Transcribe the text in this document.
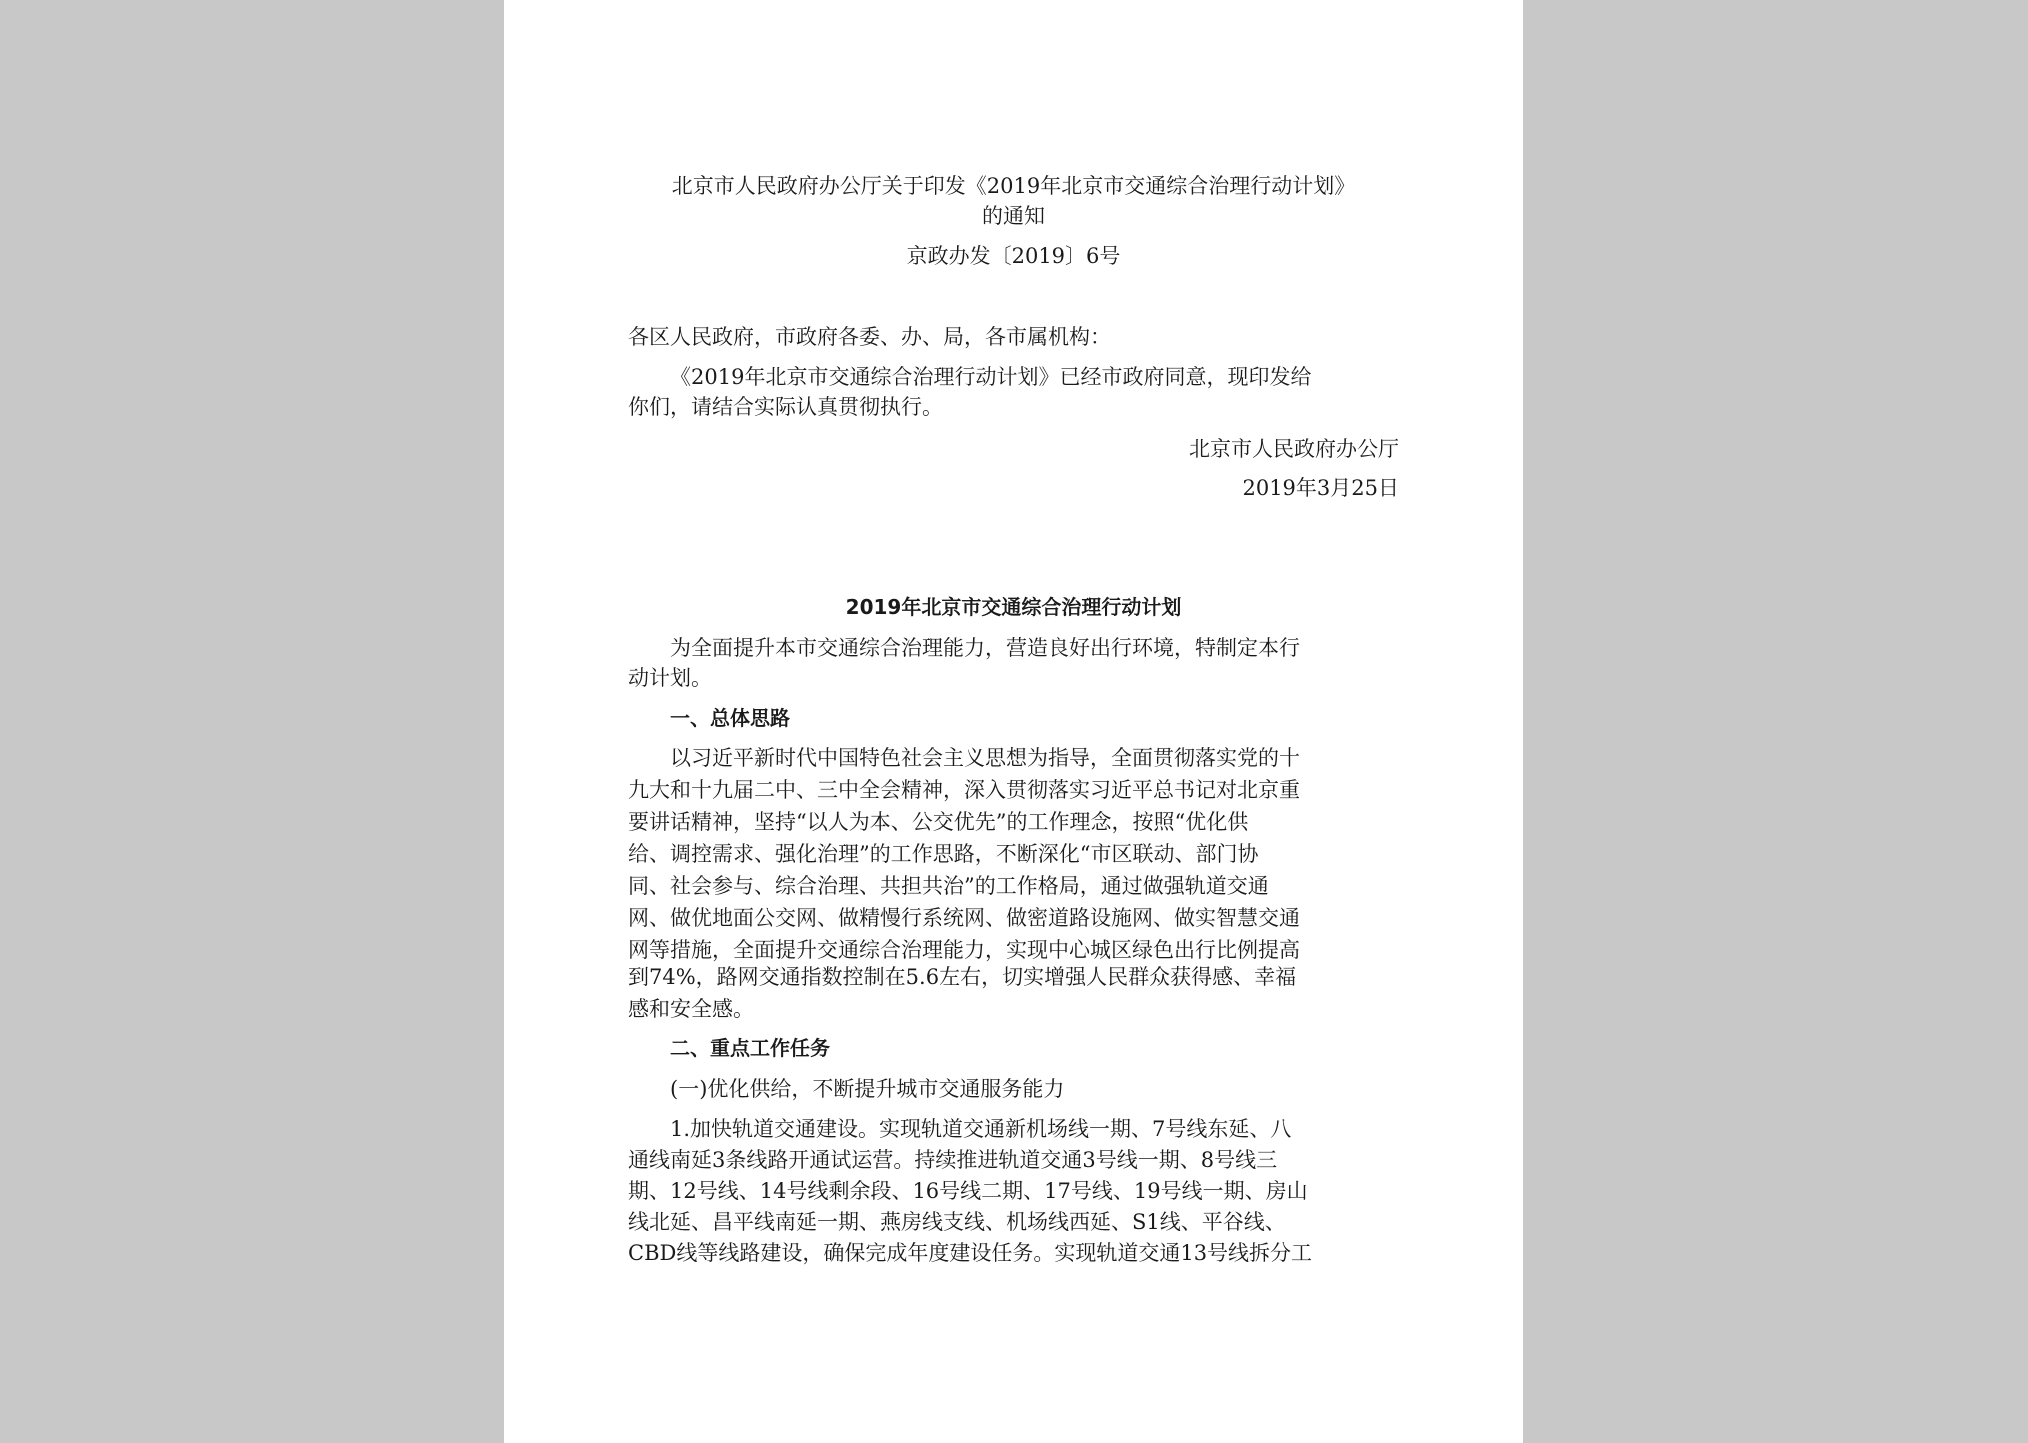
北京市人民政府办公厅关于印发《2019年北京市交通综合治理行动计划》
的通知
京政办发〔2019〕6号
各区人民政府，市政府各委、办、局，各市属机构：
《2019年北京市交通综合治理行动计划》已经市政府同意，现印发给
你们，请结合实际认真贯彻执行。
北京市人民政府办公厅
2019年3月25日
2019年北京市交通综合治理行动计划
为全面提升本市交通综合治理能力，营造良好出行环境，特制定本行
动计划。
一、总体思路
以习近平新时代中国特色社会主义思想为指导，全面贯彻落实党的十
九大和十九届二中、三中全会精神，深入贯彻落实习近平总书记对北京重
要讲话精神，坚持“以人为本、公交优先”的工作理念，按照“优化供
给、调控需求、强化治理”的工作思路，不断深化“市区联动、部门协
同、社会参与、综合治理、共担共治”的工作格局，通过做强轨道交通
网、做优地面公交网、做精慢行系统网、做密道路设施网、做实智慧交通
网等措施，全面提升交通综合治理能力，实现中心城区绿色出行比例提高
到74%，路网交通指数控制在5.6左右，切实增强人民群众获得感、幸福
感和安全感。
二、重点工作任务
(一)优化供给，不断提升城市交通服务能力
1.加快轨道交通建设。实现轨道交通新机场线一期、7号线东延、八
通线南延3条线路开通试运营。持续推进轨道交通3号线一期、8号线三
期、12号线、14号线剩余段、16号线二期、17号线、19号线一期、房山
线北延、昌平线南延一期、燕房线支线、机场线西延、S1线、平谷线、
CBD线等线路建设，确保完成年度建设任务。实现轨道交通13号线拆分工
